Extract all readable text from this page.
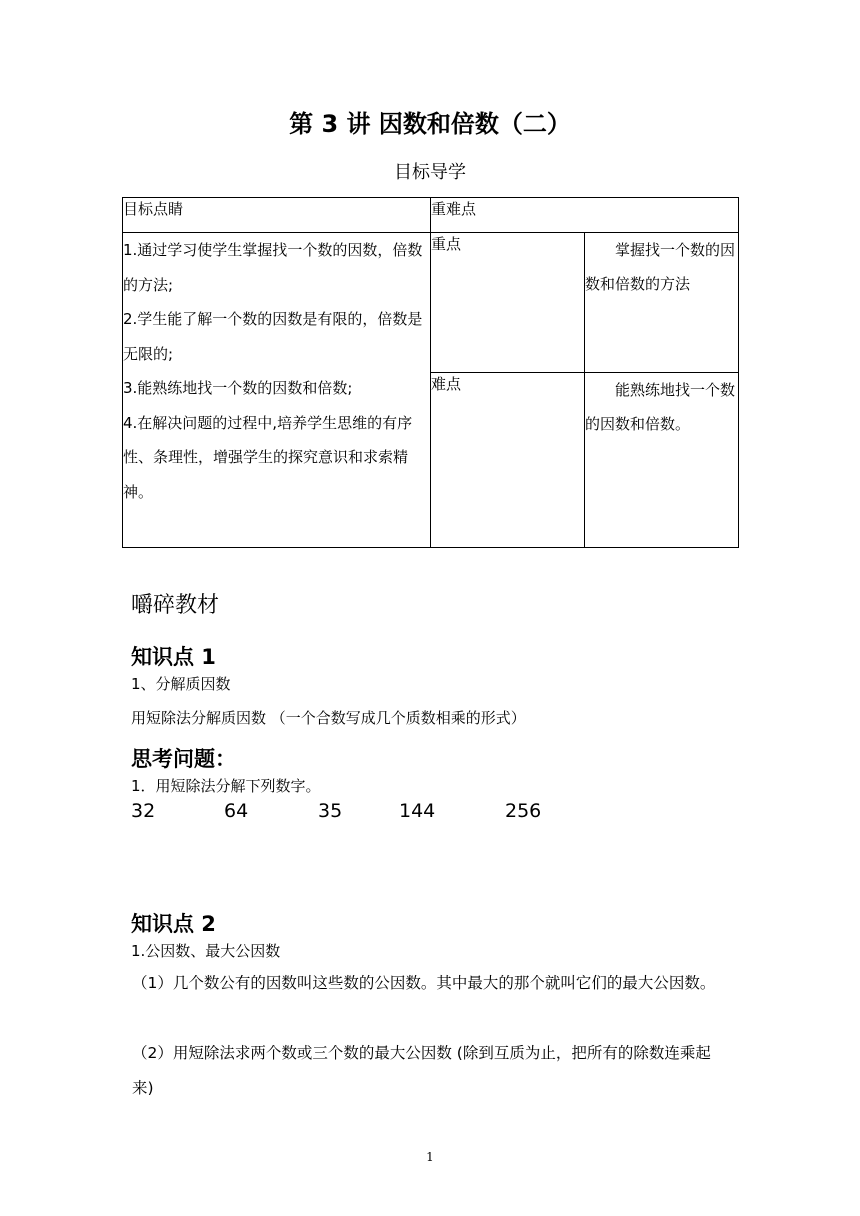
第 3 讲 因数和倍数（二）
目标导学
目标点睛	重难点	

1.通过学习使学生掌握找一个数的因数，倍数的方法;
2.学生能了解一个数的因数是有限的，倍数是无限的;
3.能熟练地找一个数的因数和倍数;
4.在解决问题的过程中,培养学生思维的有序性、条理性，增强学生的探究意识和求索精神。	重点	掌握找一个数的因数和倍数的方法
	难点	能熟练地找一个数的因数和倍数。
嚼碎教材
知识点 1
1、分解质因数
用短除法分解质因数 （一个合数写成几个质数相乘的形式）
思考问题：
1．用短除法分解下列数字。
32	64	35	144	256
知识点 2
1.公因数、最大公因数
（1）几个数公有的因数叫这些数的公因数。其中最大的那个就叫它们的最大公因数。
（2）用短除法求两个数或三个数的最大公因数 (除到互质为止，把所有的除数连乘起来)
1
